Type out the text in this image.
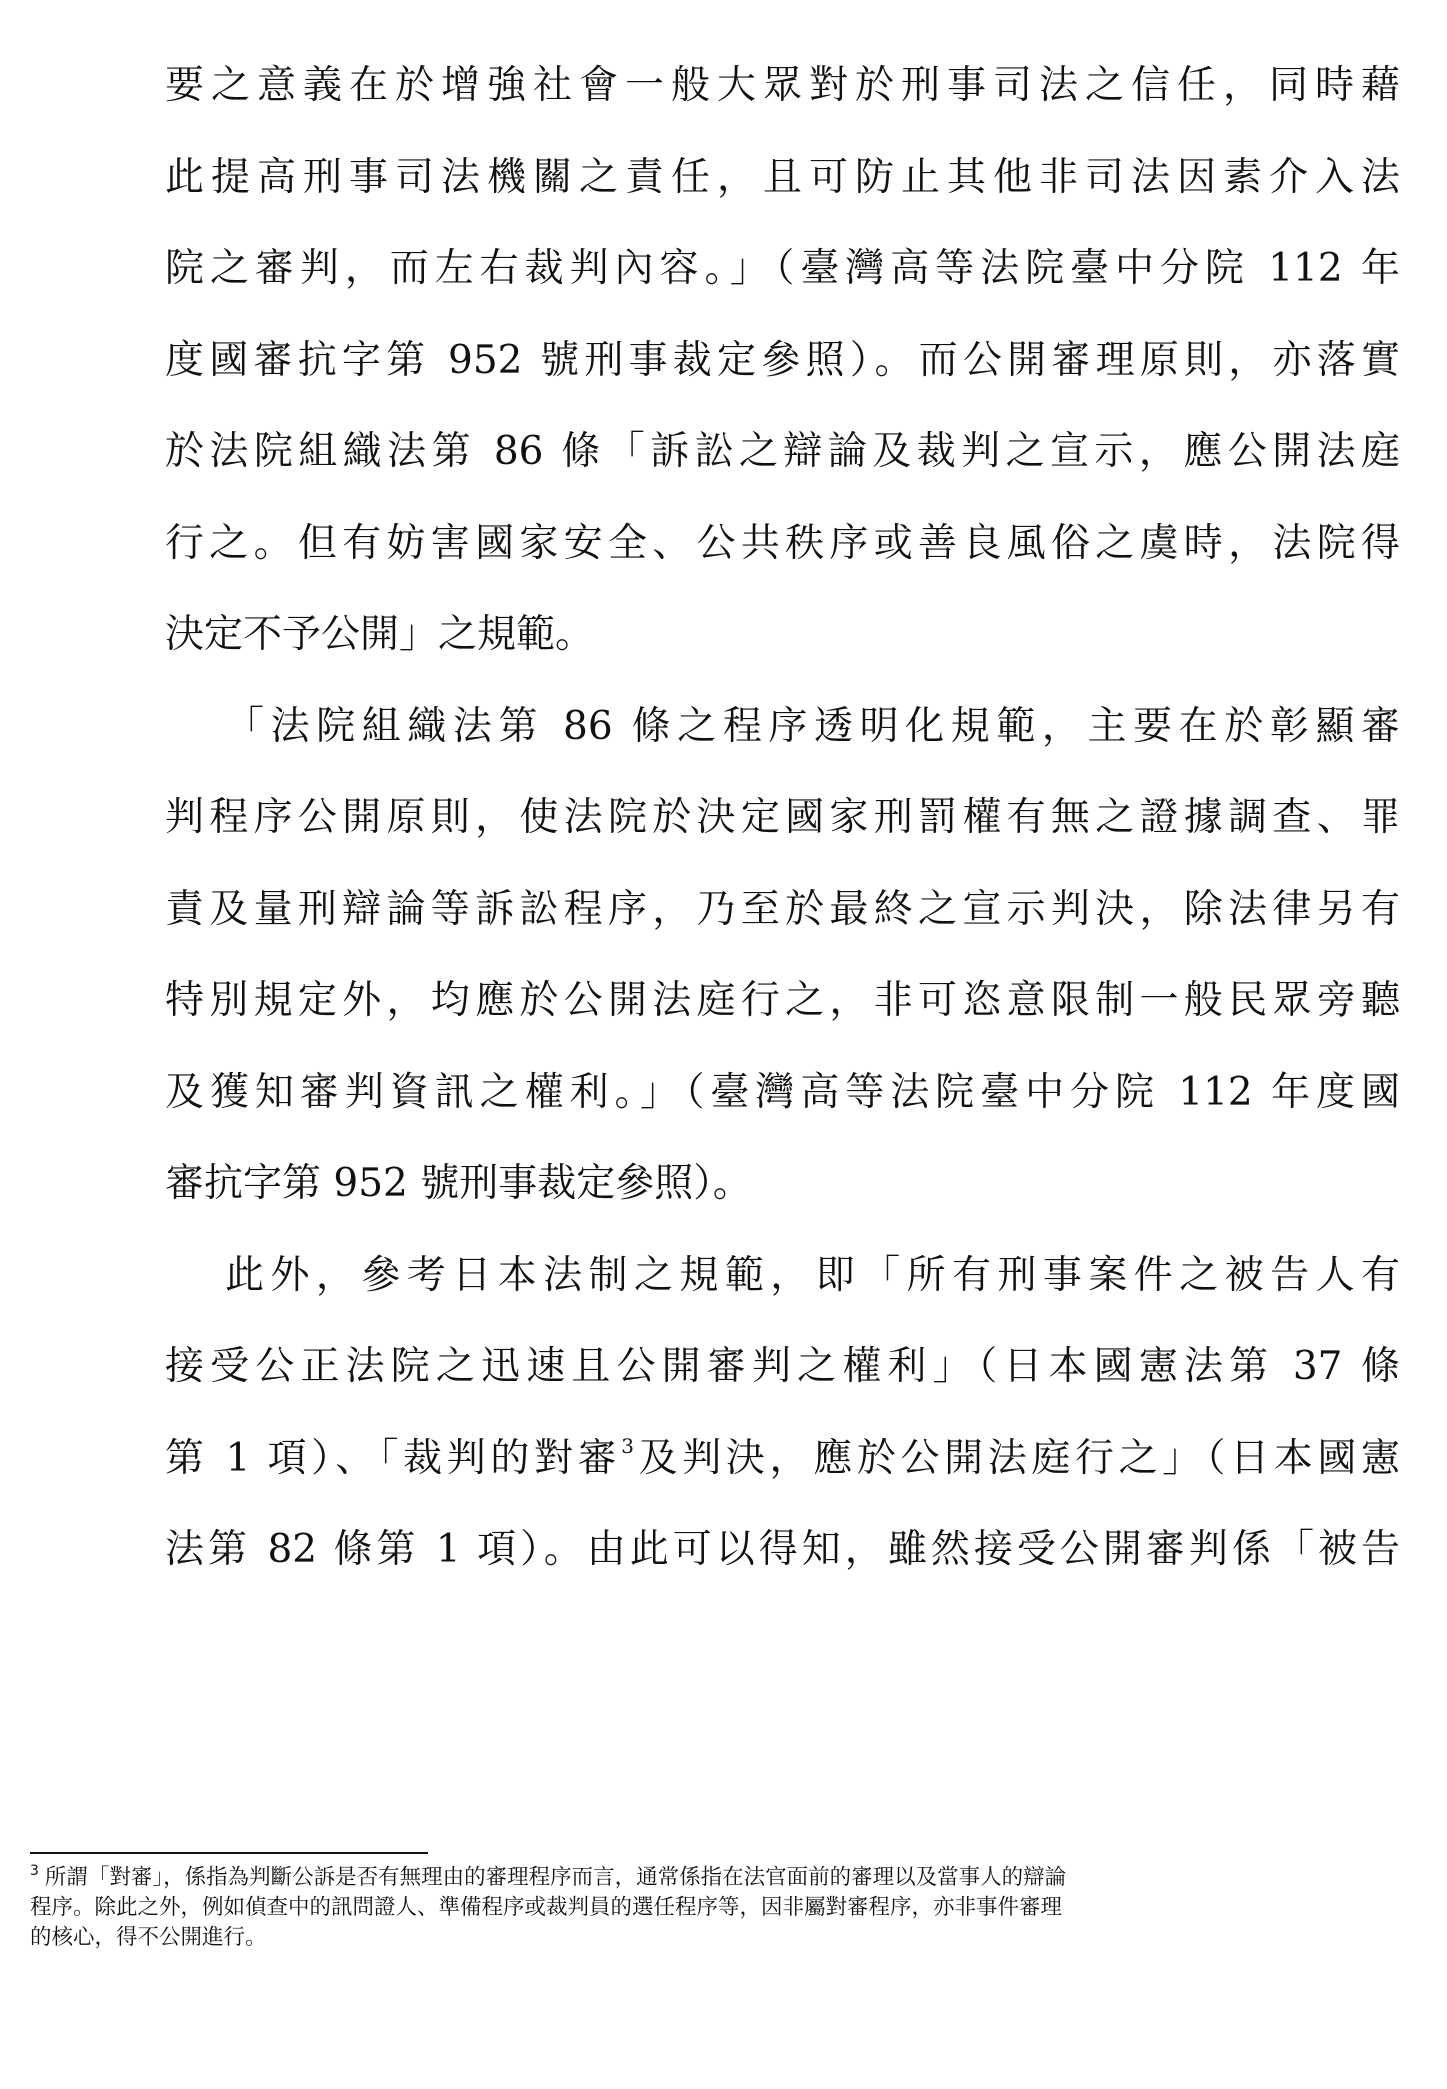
要之意義在於增強社會一般大眾對於刑事司法之信任，同時藉
此提高刑事司法機關之責任，且可防止其他非司法因素介入法
院之審判，而左右裁判內容。」（臺灣高等法院臺中分院 112 年
度國審抗字第 952 號刑事裁定參照）。而公開審理原則，亦落實
於法院組織法第 86 條「訴訟之辯論及裁判之宣示，應公開法庭
行之。但有妨害國家安全、公共秩序或善良風俗之虞時，法院得
決定不予公開」之規範。
「法院組織法第 86 條之程序透明化規範，主要在於彰顯審
判程序公開原則，使法院於決定國家刑罰權有無之證據調查、罪
責及量刑辯論等訴訟程序，乃至於最終之宣示判決，除法律另有
特別規定外，均應於公開法庭行之，非可恣意限制一般民眾旁聽
及獲知審判資訊之權利。」（臺灣高等法院臺中分院 112 年度國
審抗字第 952 號刑事裁定參照）。
此外，參考日本法制之規範，即「所有刑事案件之被告人有
接受公正法院之迅速且公開審判之權利」（日本國憲法第 37 條
第 1 項）、「裁判的對審$^3$及判決，應於公開法庭行之」（日本國憲
法第 82 條第 1 項）。由此可以得知，雖然接受公開審判係「被告
$^3$ 所謂「對審」，係指為判斷公訴是否有無理由的審理程序而言，通常係指在法官面前的審理以及當事人的辯論
程序。除此之外，例如偵查中的訊問證人、準備程序或裁判員的選任程序等，因非屬對審程序，亦非事件審理
的核心，得不公開進行。
